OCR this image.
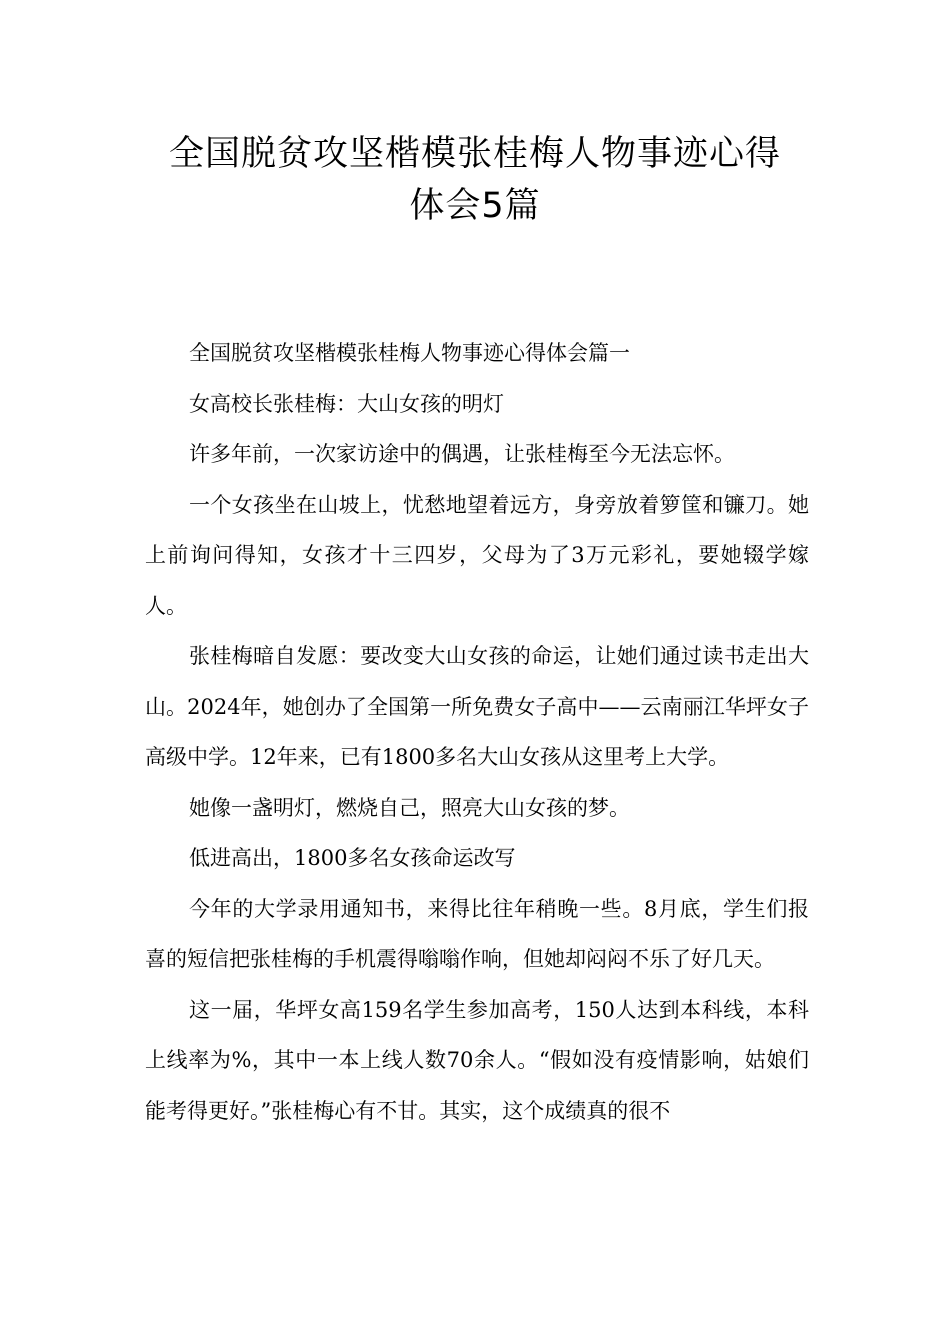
全国脱贫攻坚楷模张桂梅人物事迹心得
体会5篇

全国脱贫攻坚楷模张桂梅人物事迹心得体会篇一

女高校长张桂梅：大山女孩的明灯

许多年前，一次家访途中的偶遇，让张桂梅至今无法忘怀。

一个女孩坐在山坡上，忧愁地望着远方，身旁放着箩筐和镰刀。她上前询问得知，女孩才十三四岁，父母为了3万元彩礼，要她辍学嫁人。

张桂梅暗自发愿：要改变大山女孩的命运，让她们通过读书走出大山。2024年，她创办了全国第一所免费女子高中——云南丽江华坪女子高级中学。12年来，已有1800多名大山女孩从这里考上大学。

她像一盏明灯，燃烧自己，照亮大山女孩的梦。

低进高出，1800多名女孩命运改写

今年的大学录用通知书，来得比往年稍晚一些。8月底，学生们报喜的短信把张桂梅的手机震得嗡嗡作响，但她却闷闷不乐了好几天。

这一届，华坪女高159名学生参加高考，150人达到本科线，本科上线率为%，其中一本上线人数70余人。“假如没有疫情影响，姑娘们能考得更好。”张桂梅心有不甘。其实，这个成绩真的很不
